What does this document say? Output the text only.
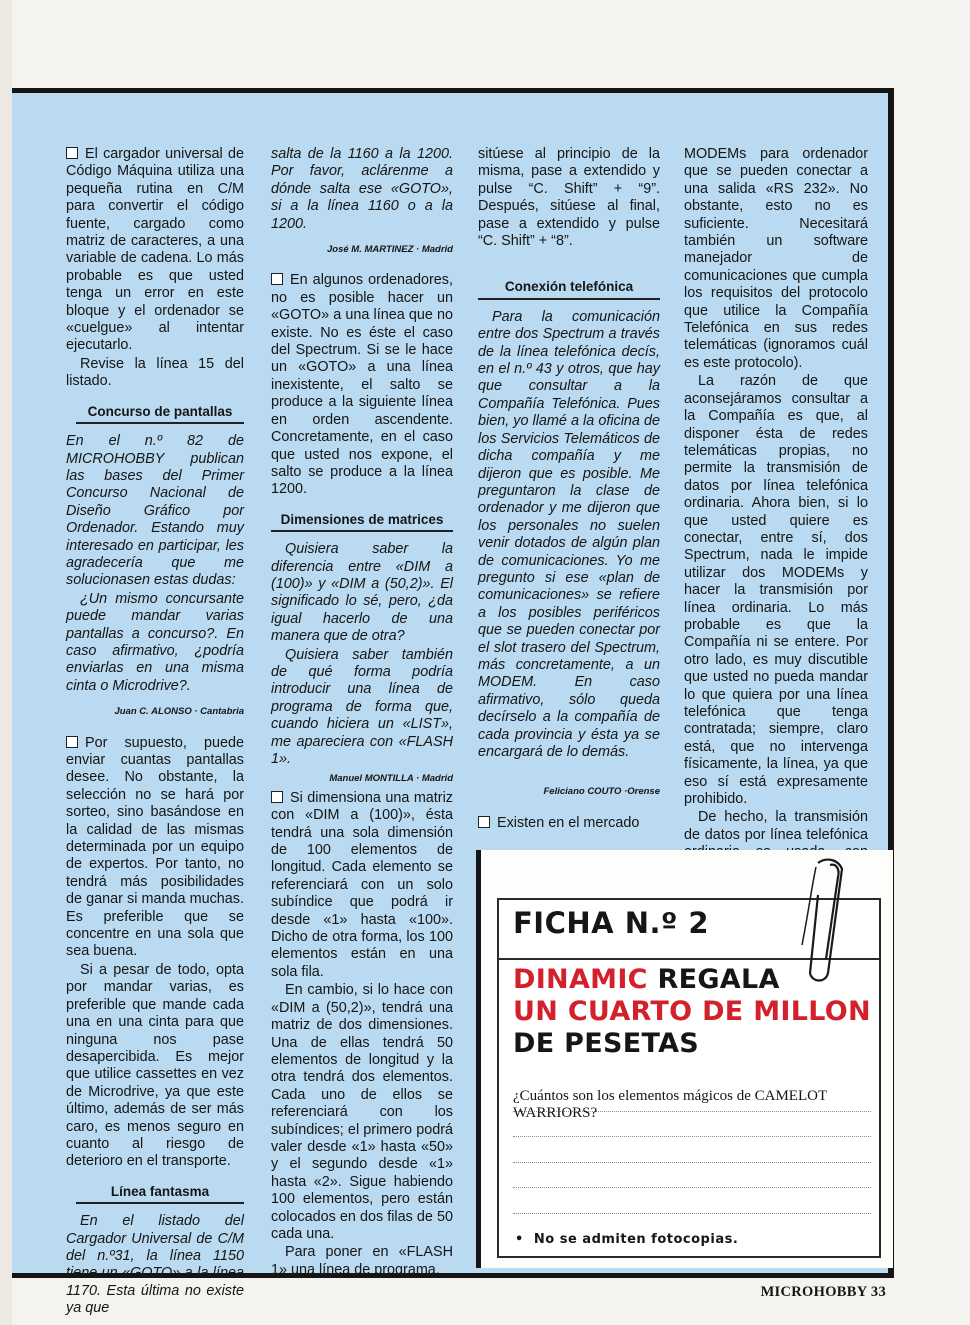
El cargador universal de Código Máquina utiliza una pequeña rutina en C/M para convertir el código fuente, cargado como matriz de caracteres, a una variable de cadena. Lo más probable es que usted tenga un error en este bloque y el ordenador se «cuelgue» al intentar ejecutarlo.

Revise la línea 15 del listado.

Concurso de pantallas

En el n.º 82 de MICROHOBBY publican las bases del Primer Concurso Nacional de Diseño Gráfico por Ordenador. Estando muy interesado en participar, les agradecería que me solucionasen estas dudas:

¿Un mismo concursante puede mandar varias pantallas a concurso?. En caso afirmativo, ¿podría enviarlas en una misma cinta o Microdrive?.

Juan C. ALONSO · Cantabria

Por supuesto, puede enviar cuantas pantallas desee. No obstante, la selección no se hará por sorteo, sino basándose en la calidad de las mismas determinada por un equipo de expertos. Por tanto, no tendrá más posibilidades de ganar si manda muchas. Es preferible que se concentre en una sola que sea buena.

Si a pesar de todo, opta por mandar varias, es preferible que mande cada una en una cinta para que ninguna nos pase desapercibida. Es mejor que utilice cassettes en vez de Microdrive, ya que este último, además de ser más caro, es menos seguro en cuanto al riesgo de deterioro en el transporte.

Línea fantasma

En el listado del Cargador Universal de C/M del n.º31, la línea 1150 tiene un «GOTO» a la línea 1170. Esta última no existe ya que

salta de la 1160 a la 1200. Por favor, aclárenme a dónde salta ese «GOTO», si a la línea 1160 o a la 1200.

José M. MARTINEZ · Madrid

En algunos ordenadores, no es posible hacer un «GOTO» a una línea que no existe. No es éste el caso del Spectrum. Si se le hace un «GOTO» a una línea inexistente, el salto se produce a la siguiente línea en orden ascendente. Concretamente, en el caso que usted nos expone, el salto se produce a la línea 1200.

Dimensiones de matrices

Quisiera saber la diferencia entre «DIM a (100)» y «DIM a (50,2)». El significado lo sé, pero, ¿da igual hacerlo de una manera que de otra?

Quisiera saber también de qué forma podría introducir una línea de programa de forma que, cuando hiciera un «LIST», me apareciera con «FLASH 1».

Manuel MONTILLA · Madrid

Si dimensiona una matriz con «DIM a (100)», ésta tendrá una sola dimensión de 100 elementos de longitud. Cada elemento se referenciará con un solo subíndice que podrá ir desde «1» hasta «100». Dicho de otra forma, los 100 elementos están en una sola fila.

En cambio, si lo hace con «DIM a (50,2)», tendrá una matriz de dos dimensiones. Una de ellas tendrá 50 elementos de longitud y la otra tendrá dos elementos. Cada uno de ellos se referenciará con los subíndices; el primero podrá valer desde «1» hasta «50» y el segundo desde «1» hasta «2». Sigue habiendo 100 elementos, pero están colocados en dos filas de 50 cada una.

Para poner en «FLASH 1» una línea de programa,

sitúese al principio de la misma, pase a extendido y pulse “C. Shift” + “9”. Después, sitúese al final, pase a extendido y pulse “C. Shift” + “8”.

Conexión telefónica

Para la comunicación entre dos Spectrum a través de la línea telefónica decís, en el n.º 43 y otros, que hay que consultar a la Compañía Telefónica. Pues bien, yo llamé a la oficina de los Servicios Telemáticos de dicha compañía y me dijeron que es posible. Me preguntaron la clase de ordenador y me dijeron que los personales no suelen venir dotados de algún plan de comunicaciones. Yo me pregunto si ese «plan de comunicaciones» se refiere a los posibles periféricos que se pueden conectar por el slot trasero del Spectrum, más concretamente, a un MODEM. En caso afirmativo, sólo queda decírselo a la compañía de cada provincia y ésta ya se encargará de lo demás.

Feliciano COUTO ·Orense

Existen en el mercado

MODEMs para ordenador que se pueden conectar a una salida «RS 232». No obstante, esto no es suficiente. Necesitará también un software manejador de comunicaciones que cumpla los requisitos del protocolo que utilice la Compañía Telefónica en sus redes telemáticas (ignoramos cuál es este protocolo).

La razón de que aconsejáramos consultar a la Compañía es que, al disponer ésta de redes telemáticas propias, no permite la transmisión de datos por línea telefónica ordinaria. Ahora bien, si lo que usted quiere es conectar, entre sí, dos Spectrum, nada le impide utilizar dos MODEMs y hacer la transmisión por línea ordinaria. Lo más probable es que la Compañía ni se entere. Por otro lado, es muy discutible que usted no pueda mandar lo que quiera por una línea telefónica que tenga contratada; siempre, claro está, que no intervenga físicamente, la línea, ya que eso sí está expresamente prohibido.

De hecho, la transmisión de datos por línea telefónica

FICHA N.º 2
DINAMIC REGALA
UN CUARTO DE MILLON
DE PESETAS
¿Cuántos son los elementos mágicos de CAMELOT WARRIORS?
•  No se admiten fotocopias.
MICROHOBBY 33
